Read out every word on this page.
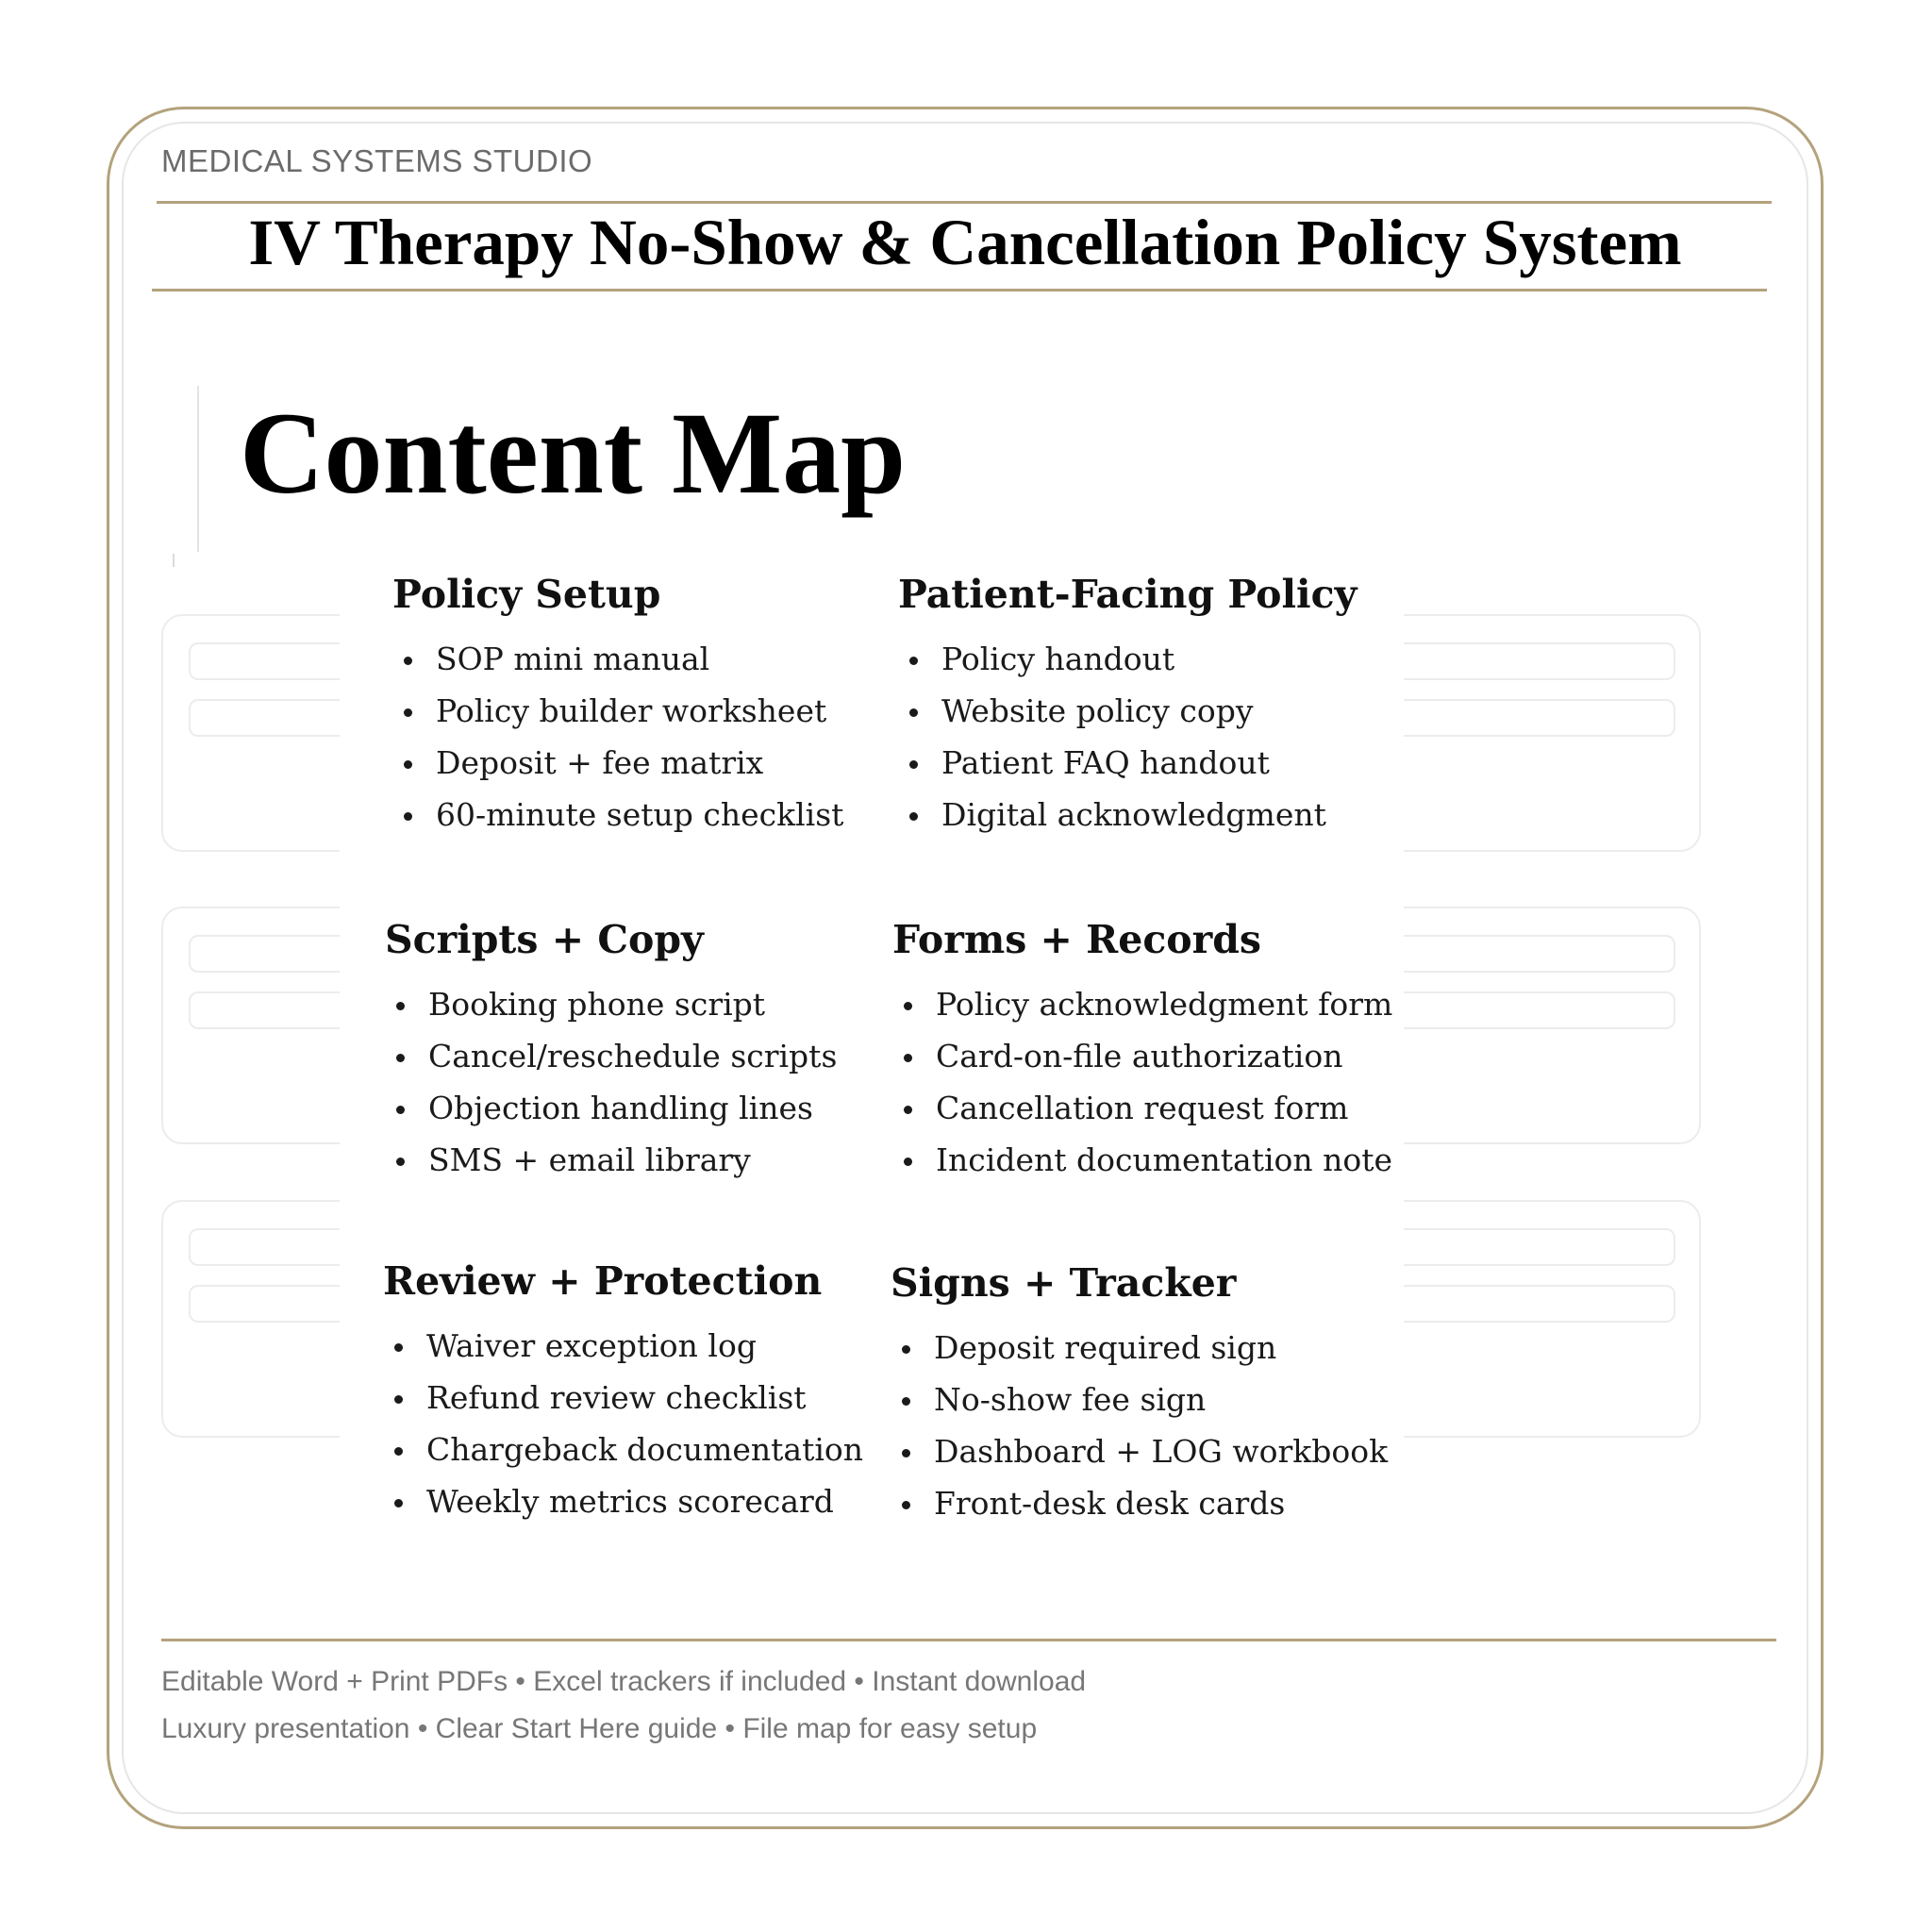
MEDICAL SYSTEMS STUDIO
IV Therapy No-Show & Cancellation Policy System
Content Map
Policy Setup
SOP mini manual
Policy builder worksheet
Deposit + fee matrix
60-minute setup checklist
Patient-Facing Policy
Policy handout
Website policy copy
Patient FAQ handout
Digital acknowledgment
Scripts + Copy
Booking phone script
Cancel/reschedule scripts
Objection handling lines
SMS + email library
Forms + Records
Policy acknowledgment form
Card-on-file authorization
Cancellation request form
Incident documentation note
Review + Protection
Waiver exception log
Refund review checklist
Chargeback documentation
Weekly metrics scorecard
Signs + Tracker
Deposit required sign
No-show fee sign
Dashboard + LOG workbook
Front-desk desk cards
Editable Word + Print PDFs • Excel trackers if included • Instant download
Luxury presentation • Clear Start Here guide • File map for easy setup
